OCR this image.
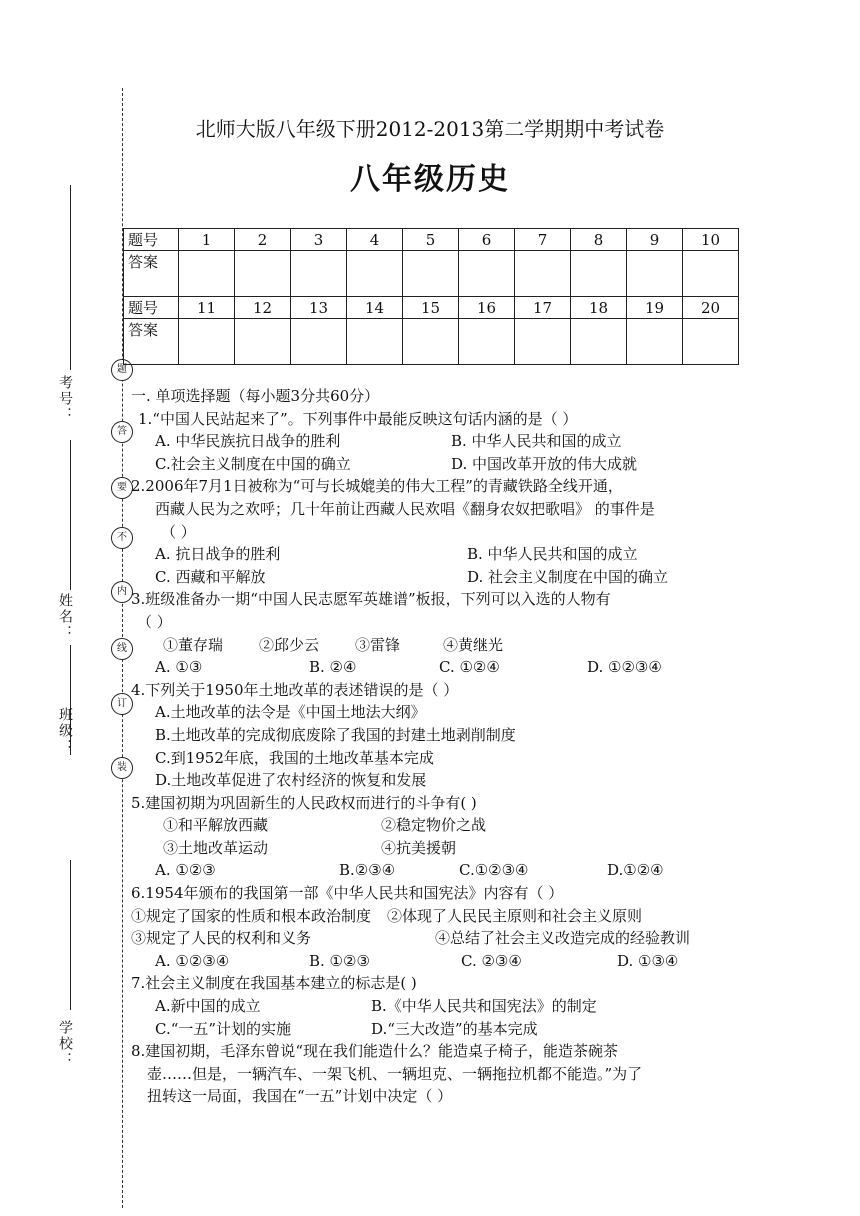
考号：
姓名：
班级：
学校：
题
答
要
不
内
线
订
装
北师大版八年级下册2012-2013第二学期期中考试卷
八年级历史
题号	1	2	3	4	5	6	7	8	9	10
答案										
题号	11	12	13	14	15	16	17	18	19	20
答案										
一. 单项选择题（每小题3分共60分）
1.“中国人民站起来了”。下列事件中最能反映这句话内涵的是（ ）
A. 中华民族抗日战争的胜利	B. 中华人民共和国的成立
C.社会主义制度在中国的确立	D. 中国改革开放的伟大成就
2.2006年7月1日被称为“可与长城媲美的伟大工程”的青藏铁路全线开通，
西藏人民为之欢呼；几十年前让西藏人民欢唱《翻身农奴把歌唱》 的事件是
（ ）
A. 抗日战争的胜利	B. 中华人民共和国的成立
C. 西藏和平解放	D. 社会主义制度在中国的确立
3.班级准备办一期“中国人民志愿军英雄谱”板报，下列可以入选的人物有
（ ）
①董存瑞	②邱少云	③雷锋	④黄继光
A. ①③	B. ②④	C. ①②④	D. ①②③④
4.下列关于1950年土地改革的表述错误的是（ ）
A.土地改革的法令是《中国土地法大纲》
B.土地改革的完成彻底废除了我国的封建土地剥削制度
C.到1952年底，我国的土地改革基本完成
D.土地改革促进了农村经济的恢复和发展
5.建国初期为巩固新生的人民政权而进行的斗争有( )
①和平解放西藏	②稳定物价之战
③土地改革运动	④抗美援朝
A. ①②③	B.②③④	C.①②③④	D.①②④
6.1954年颁布的我国第一部《中华人民共和国宪法》内容有（ ）
①规定了国家的性质和根本政治制度	②体现了人民民主原则和社会主义原则
③规定了人民的权利和义务	④总结了社会主义改造完成的经验教训
A. ①②③④	B. ①②③	C. ②③④	D. ①③④
7.社会主义制度在我国基本建立的标志是( )
A.新中国的成立	B.《中华人民共和国宪法》的制定
C.“一五”计划的实施	D.“三大改造”的基本完成
8.建国初期，毛泽东曾说“现在我们能造什么？能造桌子椅子，能造茶碗茶
壶……但是，一辆汽车、一架飞机、一辆坦克、一辆拖拉机都不能造。”为了
扭转这一局面，我国在“一五”计划中决定（ ）
